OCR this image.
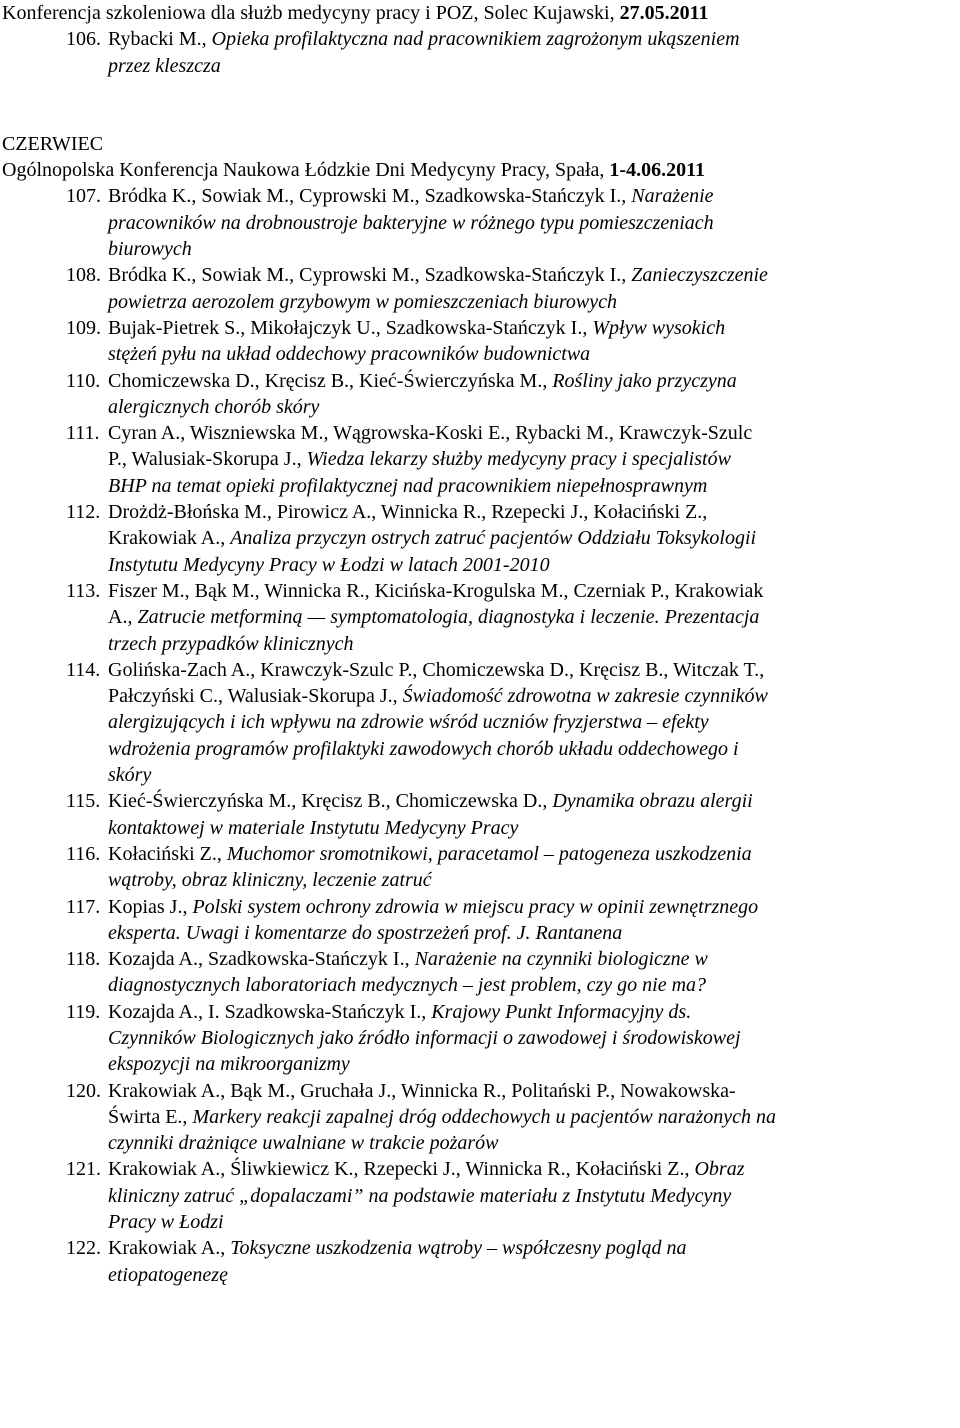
Konferencja szkoleniowa dla służb medycyny pracy i POZ, Solec Kujawski, 27.05.2011
106. Rybacki M., Opieka profilaktyczna nad pracownikiem zagrożonym ukąszeniem
przez kleszcza
CZERWIEC
Ogólnopolska Konferencja Naukowa Łódzkie Dni Medycyny Pracy, Spała, 1-4.06.2011
107. Bródka K., Sowiak M., Cyprowski M., Szadkowska-Stańczyk I., Narażenie
pracowników na drobnoustroje bakteryjne w różnego typu pomieszczeniach
biurowych
108. Bródka K., Sowiak M., Cyprowski M., Szadkowska-Stańczyk I., Zanieczyszczenie
powietrza aerozolem grzybowym w pomieszczeniach biurowych
109. Bujak-Pietrek S., Mikołajczyk U., Szadkowska-Stańczyk I., Wpływ wysokich
stężeń pyłu na układ oddechowy pracowników budownictwa
110. Chomiczewska D., Kręcisz B., Kieć-Świerczyńska M., Rośliny jako przyczyna
alergicznych chorób skóry
111. Cyran A., Wiszniewska M., Wągrowska-Koski E., Rybacki M., Krawczyk-Szulc
P., Walusiak-Skorupa J., Wiedza lekarzy służby medycyny pracy i specjalistów
BHP na temat opieki profilaktycznej nad pracownikiem niepełnosprawnym
112. Drożdż-Błońska M., Pirowicz A., Winnicka R., Rzepecki J., Kołaciński Z.,
Krakowiak A., Analiza przyczyn ostrych zatruć pacjentów Oddziału Toksykologii
Instytutu Medycyny Pracy w Łodzi w latach 2001-2010
113. Fiszer M., Bąk M., Winnicka R., Kicińska-Krogulska M., Czerniak P., Krakowiak
A., Zatrucie metforminą — symptomatologia, diagnostyka i leczenie. Prezentacja
trzech przypadków klinicznych
114. Golińska-Zach A., Krawczyk-Szulc P., Chomiczewska D., Kręcisz B., Witczak T.,
Pałczyński C., Walusiak-Skorupa J., Świadomość zdrowotna w zakresie czynników
alergizujących i ich wpływu na zdrowie wśród uczniów fryzjerstwa – efekty
wdrożenia programów profilaktyki zawodowych chorób układu oddechowego i
skóry
115. Kieć-Świerczyńska M., Kręcisz B., Chomiczewska D., Dynamika obrazu alergii
kontaktowej w materiale Instytutu Medycyny Pracy
116. Kołaciński Z., Muchomor sromotnikowi, paracetamol – patogeneza uszkodzenia
wątroby, obraz kliniczny, leczenie zatruć
117. Kopias J., Polski system ochrony zdrowia w miejscu pracy w opinii zewnętrznego
eksperta. Uwagi i komentarze do spostrzeżeń prof. J. Rantanena
118. Kozajda A., Szadkowska-Stańczyk I., Narażenie na czynniki biologiczne w
diagnostycznych laboratoriach medycznych – jest problem, czy go nie ma?
119. Kozajda A., I. Szadkowska-Stańczyk I., Krajowy Punkt Informacyjny ds.
Czynników Biologicznych jako źródło informacji o zawodowej i środowiskowej
ekspozycji na mikroorganizmy
120. Krakowiak A., Bąk M., Gruchała J., Winnicka R., Politański P., Nowakowska-
Świrta E., Markery reakcji zapalnej dróg oddechowych u pacjentów narażonych na
czynniki drażniące uwalniane w trakcie pożarów
121. Krakowiak A., Śliwkiewicz K., Rzepecki J., Winnicka R., Kołaciński Z., Obraz
kliniczny zatruć „dopalaczami” na podstawie materiału z Instytutu Medycyny
Pracy w Łodzi
122. Krakowiak A., Toksyczne uszkodzenia wątroby – współczesny pogląd na
etiopatogenezę
